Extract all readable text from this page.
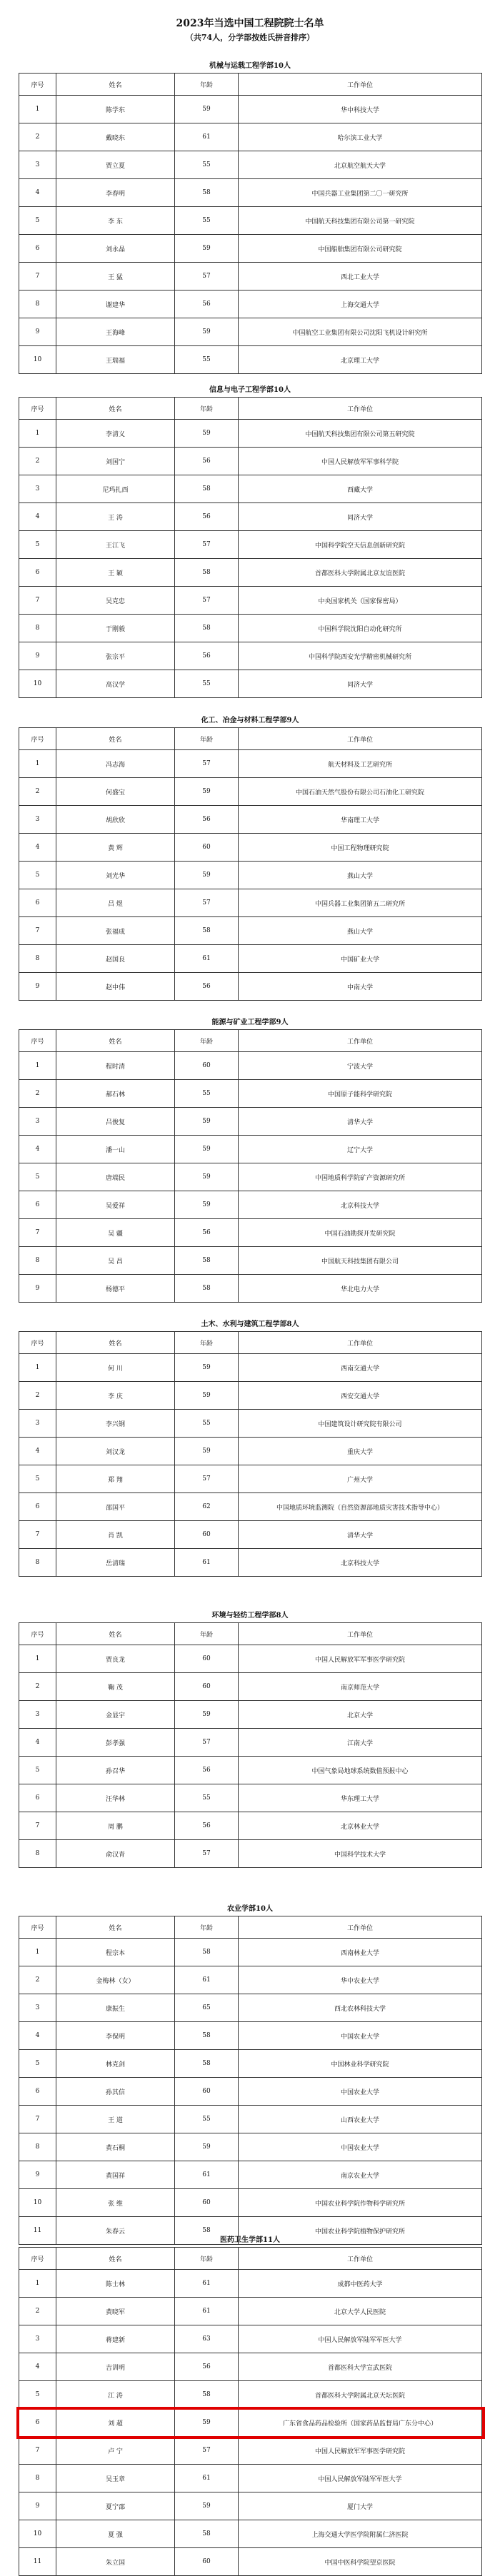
2023年当选中国工程院院士名单
（共74人，分学部按姓氏拼音排序）
机械与运载工程学部10人
序号	姓名	年龄	工作单位
1	陈学东	59	华中科技大学
2	戴晓东	61	哈尔滨工业大学
3	贾立夏	55	北京航空航天大学
4	李春明	58	中国兵器工业集团第二〇一研究所
5	李 东	55	中国航天科技集团有限公司第一研究院
6	刘永晶	59	中国船舶集团有限公司研究院
7	王 猛	57	西北工业大学
8	谢建华	56	上海交通大学
9	王海峰	59	中国航空工业集团有限公司沈阳飞机设计研究所
10	王瑞福	55	北京理工大学
信息与电子工程学部10人
序号	姓名	年龄	工作单位
1	李清义	59	中国航天科技集团有限公司第五研究院
2	刘国宁	56	中国人民解放军军事科学院
3	尼玛扎西	58	西藏大学
4	王 涛	56	同济大学
5	王江飞	57	中国科学院空天信息创新研究院
6	王 颖	58	首都医科大学附属北京友谊医院
7	吴克忠	57	中央国家机关（国家保密局）
8	于刚毅	58	中国科学院沈阳自动化研究所
9	张宗平	56	中国科学院西安光学精密机械研究所
10	高汉学	55	同济大学
化工、冶金与材料工程学部9人
序号	姓名	年龄	工作单位
1	冯志海	57	航天材料及工艺研究所
2	何盛宝	59	中国石油天然气股份有限公司石油化工研究院
3	胡欣欣	56	华南理工大学
4	黄 辉	60	中国工程物理研究院
5	刘光华	59	燕山大学
6	吕 煜	57	中国兵器工业集团第五二研究所
7	张福成	58	燕山大学
8	赵国良	61	中国矿业大学
9	赵中伟	56	中南大学
能源与矿业工程学部9人
序号	姓名	年龄	工作单位
1	程时清	60	宁波大学
2	郝石林	55	中国原子能科学研究院
3	吕俊复	59	清华大学
4	潘一山	59	辽宁大学
5	唐端民	59	中国地质科学院矿产资源研究所
6	吴爱祥	59	北京科技大学
7	吴 疆	56	中国石油勘探开发研究院
8	吴 昌	58	中国航天科技集团有限公司
9	杨德平	58	华北电力大学
土木、水利与建筑工程学部8人
序号	姓名	年龄	工作单位
1	何 川	59	西南交通大学
2	李 庆	59	西安交通大学
3	李兴钢	55	中国建筑设计研究院有限公司
4	刘汉龙	59	重庆大学
5	郑 翔	57	广州大学
6	邵国平	62	中国地质环境监测院（自然资源部地质灾害技术指导中心）
7	肖 凯	60	清华大学
8	岳清瑞	61	北京科技大学
环境与轻纺工程学部8人
序号	姓名	年龄	工作单位
1	贾良龙	60	中国人民解放军军事医学研究院
2	鞠 茂	60	南京师范大学
3	金显宇	59	北京大学
4	彭孝强	57	江南大学
5	孙召华	56	中国气象局地球系统数值预报中心
6	汪华林	55	华东理工大学
7	周 鹏	56	北京林业大学
8	俞汉青	57	中国科学技术大学
农业学部10人
序号	姓名	年龄	工作单位
1	程宗本	58	西南林业大学
2	金梅林（女）	61	华中农业大学
3	康振生	65	西北农林科技大学
4	李保明	58	中国农业大学
5	林克剑	58	中国林业科学研究院
6	孙其信	60	中国农业大学
7	王 道	55	山西农业大学
8	黄石桐	59	中国农业大学
9	黄国祥	61	南京农业大学
10	张 维	60	中国农业科学院作物科学研究所
11	朱春云	58	中国农业科学院植物保护研究所
医药卫生学部11人
序号	姓名	年龄	工作单位
1	陈士林	61	成都中医药大学
2	黄晓军	61	北京大学人民医院
3	蒋建新	63	中国人民解放军陆军军医大学
4	吉训明	56	首都医科大学宣武医院
5	江 涛	58	首都医科大学附属北京天坛医院
6	刘 超	59	广东省食品药品检验所（国家药品监督局广东分中心）
7	卢 宁	57	中国人民解放军军事医学研究院
8	吴玉章	61	中国人民解放军陆军军医大学
9	夏宁邵	59	厦门大学
10	夏 强	58	上海交通大学医学院附属仁济医院
11	朱立国	60	中国中医科学院望京医院
